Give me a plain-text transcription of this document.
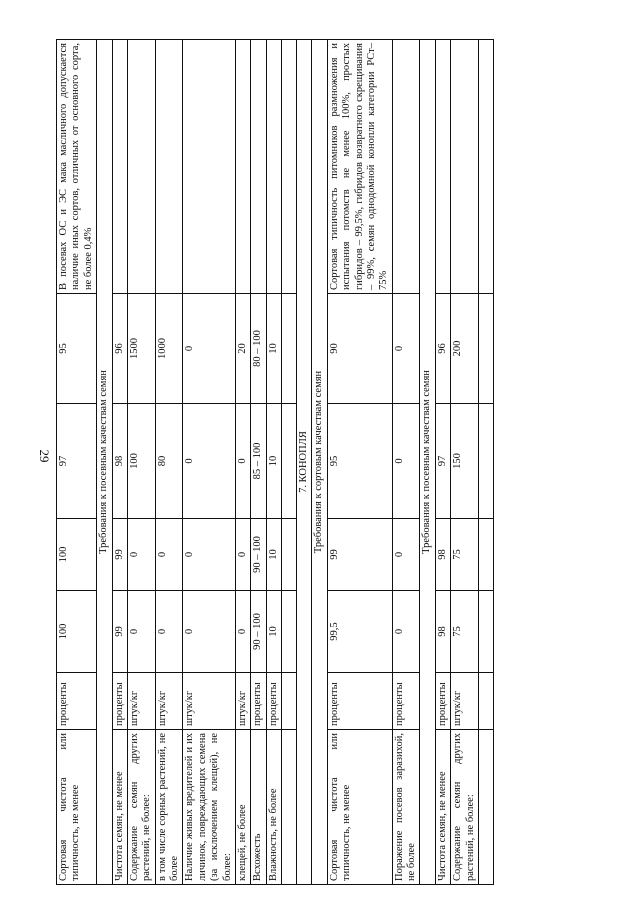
29
Сортовая чистота или типичность, не менее	проценты	100	100	97	95	В посевах ОС и ЭС мака масличного допускается наличие иных сортов, отличных от основного сорта, не более 0,4%
Требования к посевным качествам семян						
Чистота семян, не менее	проценты	99	99	98	96	
Содержание семян других растений, не более:	штук/кг	0	0	100	1500	
в том числе сорных растений, не более	штук/кг	0	0	80	1000	
Наличие живых вредителей и их личинок, повреждающих семена (за исключением клещей), не более:	штук/кг	0	0	0	0	
клещей, не более	штук/кг	0	0	0	20	
Всхожесть	проценты	90 – 100	90 – 100	85 – 100	80 – 100	
Влажность, не более	проценты	10	10	10	10	

7. КОНОПЛЯ						
Требования к сортовым качествам семян						
Сортовая чистота или типичность, не менее	проценты	99,5	99	95	90	Сортовая типичность питомников размножения и испытания потомств не менее 100%, простых гибридов – 99,5%, гибридов возвратного скрещивания – 99%, семян однодомной конопли категории РСт– 75%
Поражение посевов заразихой, не более	проценты	0	0	0	0	
Требования к посевным качествам семян						
Чистота семян, не менее	проценты	98	98	97	96	
Содержание семян других растений, не более:	штук/кг	75	75	150	200	
